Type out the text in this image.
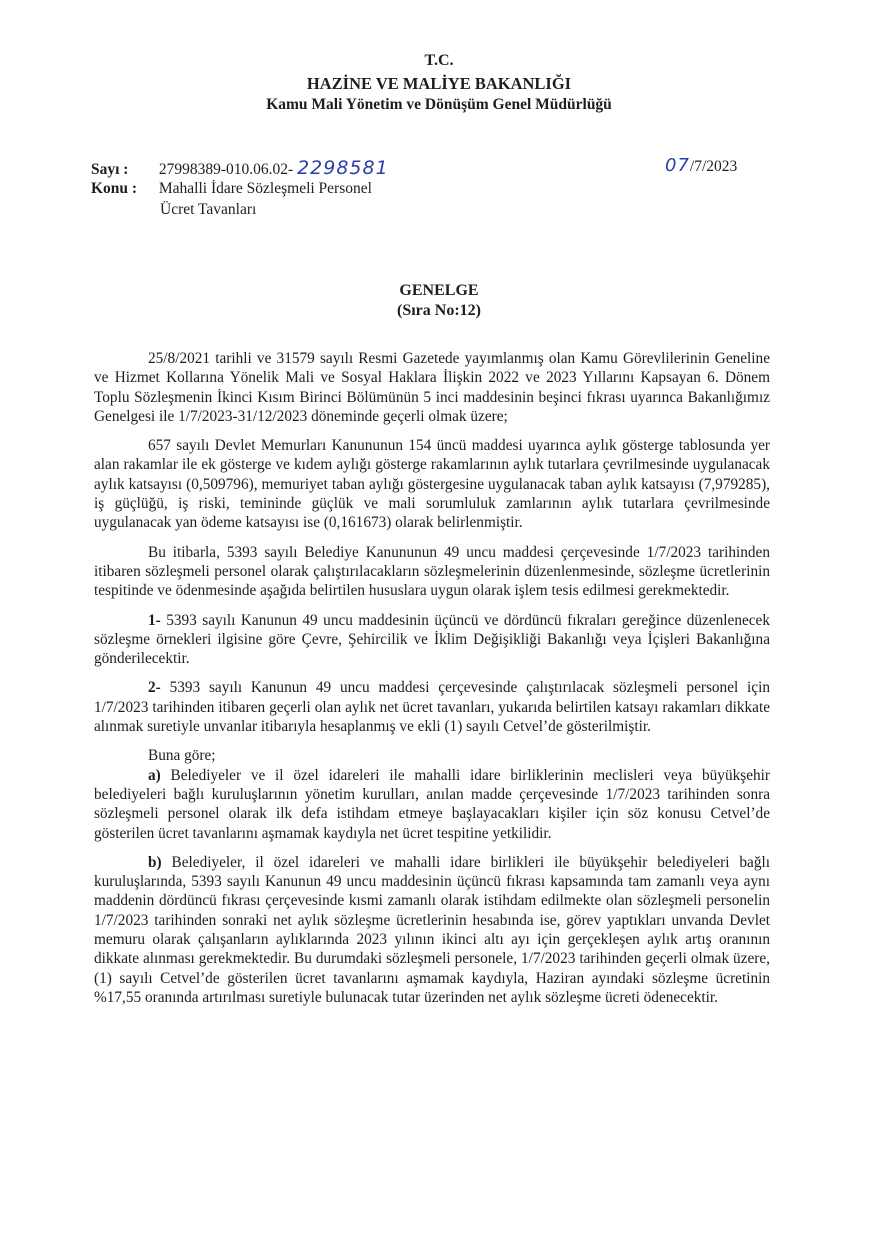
T.C.
HAZİNE VE MALİYE BAKANLIĞI
Kamu Mali Yönetim ve Dönüşüm Genel Müdürlüğü
Sayı : 27998389-010.06.02- 2298581
Konu : Mahalli İdare Sözleşmeli Personel
Ücret Tavanları
07/7/2023
GENELGE
(Sıra No:12)

25/8/2021 tarihli ve 31579 sayılı Resmi Gazetede yayımlanmış olan Kamu Görevlilerinin Geneline ve Hizmet Kollarına Yönelik Mali ve Sosyal Haklara İlişkin 2022 ve 2023 Yıllarını Kapsayan 6. Dönem Toplu Sözleşmenin İkinci Kısım Birinci Bölümünün 5 inci maddesinin beşinci fıkrası uyarınca Bakanlığımız Genelgesi ile 1/7/2023-31/12/2023 döneminde geçerli olmak üzere;

657 sayılı Devlet Memurları Kanununun 154 üncü maddesi uyarınca aylık gösterge tablosunda yer alan rakamlar ile ek gösterge ve kıdem aylığı gösterge rakamlarının aylık tutarlara çevrilmesinde uygulanacak aylık katsayısı (0,509796), memuriyet taban aylığı göstergesine uygulanacak taban aylık katsayısı (7,979285), iş güçlüğü, iş riski, temininde güçlük ve mali sorumluluk zamlarının aylık tutarlara çevrilmesinde uygulanacak yan ödeme katsayısı ise (0,161673) olarak belirlenmiştir.

Bu itibarla, 5393 sayılı Belediye Kanununun 49 uncu maddesi çerçevesinde 1/7/2023 tarihinden itibaren sözleşmeli personel olarak çalıştırılacakların sözleşmelerinin düzenlenmesinde, sözleşme ücretlerinin tespitinde ve ödenmesinde aşağıda belirtilen hususlara uygun olarak işlem tesis edilmesi gerekmektedir.

1- 5393 sayılı Kanunun 49 uncu maddesinin üçüncü ve dördüncü fıkraları gereğince düzenlenecek sözleşme örnekleri ilgisine göre Çevre, Şehircilik ve İklim Değişikliği Bakanlığı veya İçişleri Bakanlığına gönderilecektir.

2- 5393 sayılı Kanunun 49 uncu maddesi çerçevesinde çalıştırılacak sözleşmeli personel için 1/7/2023 tarihinden itibaren geçerli olan aylık net ücret tavanları, yukarıda belirtilen katsayı rakamları dikkate alınmak suretiyle unvanlar itibarıyla hesaplanmış ve ekli (1) sayılı Cetvel’de gösterilmiştir.

Buna göre;

a) Belediyeler ve il özel idareleri ile mahalli idare birliklerinin meclisleri veya büyükşehir belediyeleri bağlı kuruluşlarının yönetim kurulları, anılan madde çerçevesinde 1/7/2023 tarihinden sonra sözleşmeli personel olarak ilk defa istihdam etmeye başlayacakları kişiler için söz konusu Cetvel’de gösterilen ücret tavanlarını aşmamak kaydıyla net ücret tespitine yetkilidir.

b) Belediyeler, il özel idareleri ve mahalli idare birlikleri ile büyükşehir belediyeleri bağlı kuruluşlarında, 5393 sayılı Kanunun 49 uncu maddesinin üçüncü fıkrası kapsamında tam zamanlı veya aynı maddenin dördüncü fıkrası çerçevesinde kısmi zamanlı olarak istihdam edilmekte olan sözleşmeli personelin 1/7/2023 tarihinden sonraki net aylık sözleşme ücretlerinin hesabında ise, görev yaptıkları unvanda Devlet memuru olarak çalışanların aylıklarında 2023 yılının ikinci altı ayı için gerçekleşen aylık artış oranının dikkate alınması gerekmektedir. Bu durumdaki sözleşmeli personele, 1/7/2023 tarihinden geçerli olmak üzere, (1) sayılı Cetvel’de gösterilen ücret tavanlarını aşmamak kaydıyla, Haziran ayındaki sözleşme ücretinin %17,55 oranında artırılması suretiyle bulunacak tutar üzerinden net aylık sözleşme ücreti ödenecektir.
